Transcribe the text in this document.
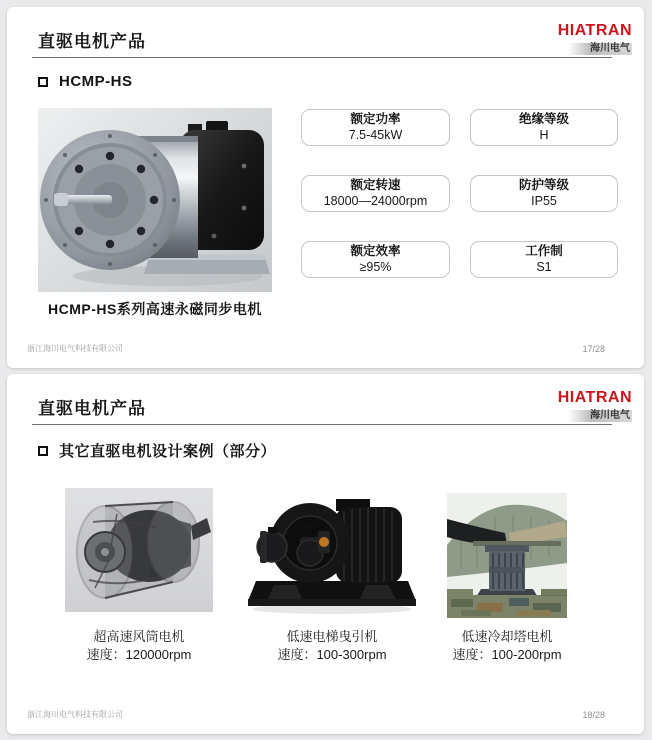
直驱电机产品
HIATRAN
海川电气
HCMP-HS
HCMP-HS系列高速永磁同步电机
额定功率
7.5-45kW
绝缘等级
H
额定转速
18000—24000rpm
防护等级
IP55
额定效率
≥95%
工作制
S1
浙江海川电气科技有限公司	17/28
直驱电机产品
HIATRAN
海川电气
其它直驱电机设计案例（部分）
超高速风筒电机
速度：120000rpm
低速电梯曳引机
速度：100-300rpm
低速冷却塔电机
速度：100-200rpm
浙江海川电气科技有限公司	18/28
